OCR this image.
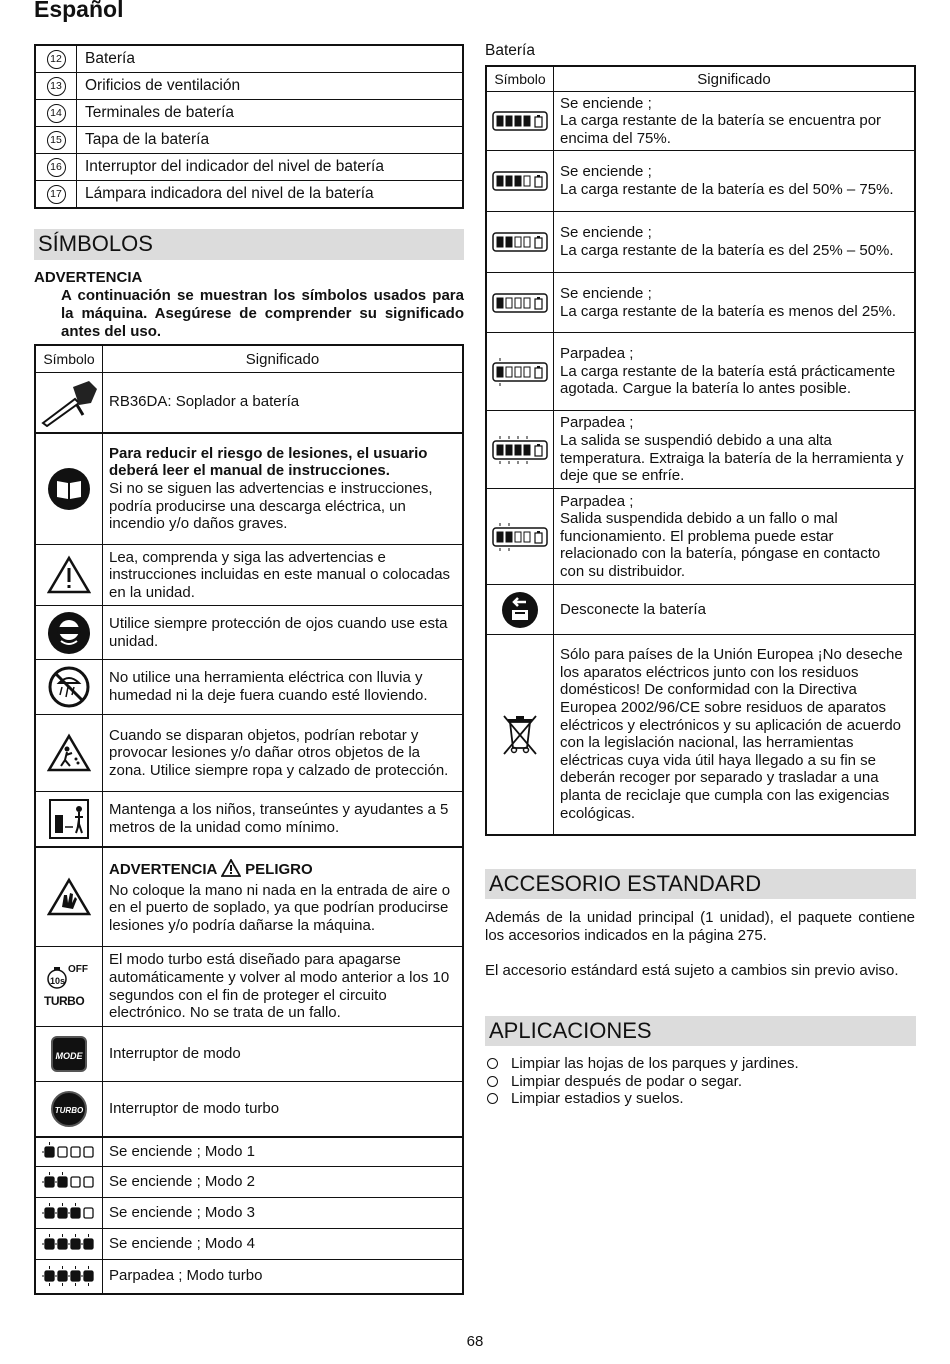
Español
12	Batería
13	Orificios de ventilación
14	Terminales de batería
15	Tapa de la batería
16	Interruptor del indicador del nivel de batería
17	Lámpara indicadora del nivel de la batería
SÍMBOLOS
ADVERTENCIA
A continuación se muestran los símbolos usados para la máquina. Asegúrese de comprender su significado antes del uso.
Símbolo	Significado

	RB36DA: Soplador a batería

Para reducir el riesgo de lesiones, el usuario deberá leer el manual de instrucciones.
Si no se siguen las advertencias e instrucciones, podría producirse una descarga eléctrica, un incendio y/o daños graves.

	Lea, comprenda y siga las advertencias e instrucciones incluidas en este manual o colocadas en la unidad.

	Utilice siempre protección de ojos cuando use esta unidad.

	No utilice una herramienta eléctrica con lluvia y humedad ni la deje fuera cuando esté lloviendo.

	Cuando se disparan objetos, podrían rebotar y provocar lesiones y/o dañar otros objetos de la zona. Utilice siempre ropa y calzado de protección.

	Mantenga a los niños, transeúntes y ayudantes a 5 metros de la unidad como mínimo.

ADVERTENCIA PELIGRO
No coloque la mano ni nada en la entrada de aire o en el puerto de soplado, ya que podrían producirse lesiones y/o podría dañarse la máquina.

OFF
10s
TURBO	El modo turbo está diseñado para apagarse automáticamente y volver al modo anterior a los 10 segundos con el fin de proteger el circuito electrónico. No se trata de un fallo.
MODE	Interruptor de modo
TURBO	Interruptor de modo turbo

	Se enciende ; Modo 1

	Se enciende ; Modo 2

	Se enciende ; Modo 3

	Se enciende ; Modo 4

	Parpadea ; Modo turbo
Batería
Símbolo	Significado

Se enciende ;
La carga restante de la batería se encuentra por encima del 75%.

Se enciende ;
La carga restante de la batería es del 50% – 75%.

Se enciende ;
La carga restante de la batería es del 25% – 50%.

Se enciende ;
La carga restante de la batería es menos del 25%.

Parpadea ;
La carga restante de la batería está prácticamente agotada. Cargue la batería lo antes posible.

Parpadea ;
La salida se suspendió debido a una alta temperatura. Extraiga la batería de la herramienta y deje que se enfríe.

Parpadea ;
Salida suspendida debido a un fallo o mal funcionamiento. El problema puede estar relacionado con la batería, póngase en contacto con su distribuidor.

	Desconecte la batería

	Sólo para países de la Unión Europea ¡No deseche los aparatos eléctricos junto con los residuos domésticos! De conformidad con la Directiva Europea 2002/96/CE sobre residuos de aparatos eléctricos y electrónicos y su aplicación de acuerdo con la legislación nacional, las herramientas eléctricas cuya vida útil haya llegado a su fin se deberán recoger por separado y trasladar a una planta de reciclaje que cumpla con las exigencias ecológicas.
ACCESORIO ESTANDARD
Además de la unidad principal (1 unidad), el paquete contiene los accesorios indicados en la página 275.
El accesorio estándard está sujeto a cambios sin previo aviso.
APLICACIONES
Limpiar las hojas de los parques y jardines.
Limpiar después de podar o segar.
Limpiar estadios y suelos.
68
